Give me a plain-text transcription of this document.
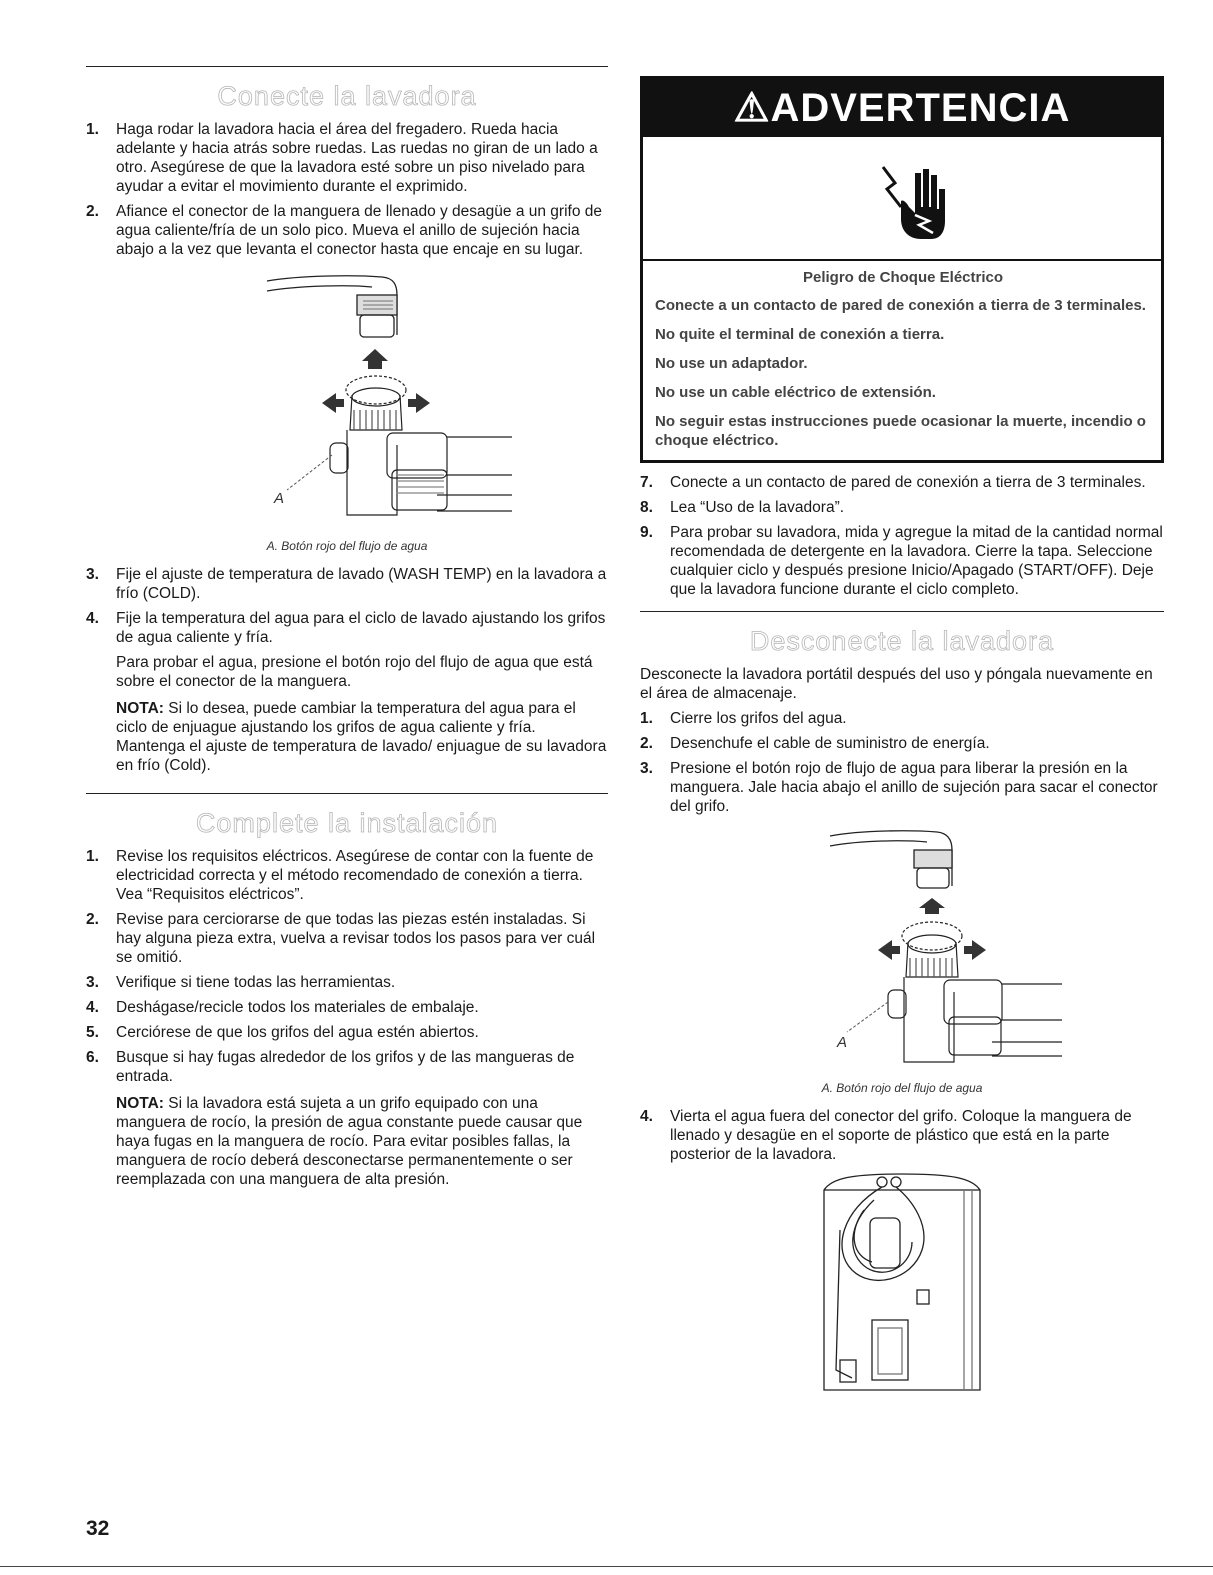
Conecte la lavadora
1. Haga rodar la lavadora hacia el área del fregadero. Rueda hacia adelante y hacia atrás sobre ruedas. Las ruedas no giran de un lado a otro. Asegúrese de que la lavadora esté sobre un piso nivelado para ayudar a evitar el movimiento durante el exprimido.
2. Afiance el conector de la manguera de llenado y desagüe a un grifo de agua caliente/fría de un solo pico. Mueva el anillo de sujeción hacia abajo a la vez que levanta el conector hasta que encaje en su lugar.
A
A. Botón rojo del flujo de agua
3. Fije el ajuste de temperatura de lavado (WASH TEMP) en la lavadora a frío (COLD).
4. Fije la temperatura del agua para el ciclo de lavado ajustando los grifos de agua caliente y fría.

Para probar el agua, presione el botón rojo del flujo de agua que está sobre el conector de la manguera.

NOTA: Si lo desea, puede cambiar la temperatura del agua para el ciclo de enjuague ajustando los grifos de agua caliente y fría. Mantenga el ajuste de temperatura de lavado/ enjuague de su lavadora en frío (Cold).

Complete la instalación
1. Revise los requisitos eléctricos. Asegúrese de contar con la fuente de electricidad correcta y el método recomendado de conexión a tierra. Vea “Requisitos eléctricos”.
2. Revise para cerciorarse de que todas las piezas estén instaladas. Si hay alguna pieza extra, vuelva a revisar todos los pasos para ver cuál se omitió.
3. Verifique si tiene todas las herramientas.
4. Deshágase/recicle todos los materiales de embalaje.
5. Cerciórese de que los grifos del agua estén abiertos.
6. Busque si hay fugas alrededor de los grifos y de las mangueras de entrada.

NOTA: Si la lavadora está sujeta a un grifo equipado con una manguera de rocío, la presión de agua constante puede causar que haya fugas en la manguera de rocío. Para evitar posibles fallas, la manguera de rocío deberá desconectarse permanentemente o ser reemplazada con una manguera de alta presión.

⚠ADVERTENCIA
Peligro de Choque Eléctrico

Conecte a un contacto de pared de conexión a tierra de 3 terminales.

No quite el terminal de conexión a tierra.

No use un adaptador.

No use un cable eléctrico de extensión.

No seguir estas instrucciones puede ocasionar la muerte, incendio o choque eléctrico.

7. Conecte a un contacto de pared de conexión a tierra de 3 terminales.
8. Lea “Uso de la lavadora”.
9. Para probar su lavadora, mida y agregue la mitad de la cantidad normal recomendada de detergente en la lavadora. Cierre la tapa. Seleccione cualquier ciclo y después presione Inicio/Apagado (START/OFF). Deje que la lavadora funcione durante el ciclo completo.
Desconecte la lavadora

Desconecte la lavadora portátil después del uso y póngala nuevamente en el área de almacenaje.

1. Cierre los grifos del agua.
2. Desenchufe el cable de suministro de energía.
3. Presione el botón rojo de flujo de agua para liberar la presión en la manguera. Jale hacia abajo el anillo de sujeción para sacar el conector del grifo.
A
A. Botón rojo del flujo de agua
4. Vierta el agua fuera del conector del grifo. Coloque la manguera de llenado y desagüe en el soporte de plástico que está en la parte posterior de la lavadora.
32
